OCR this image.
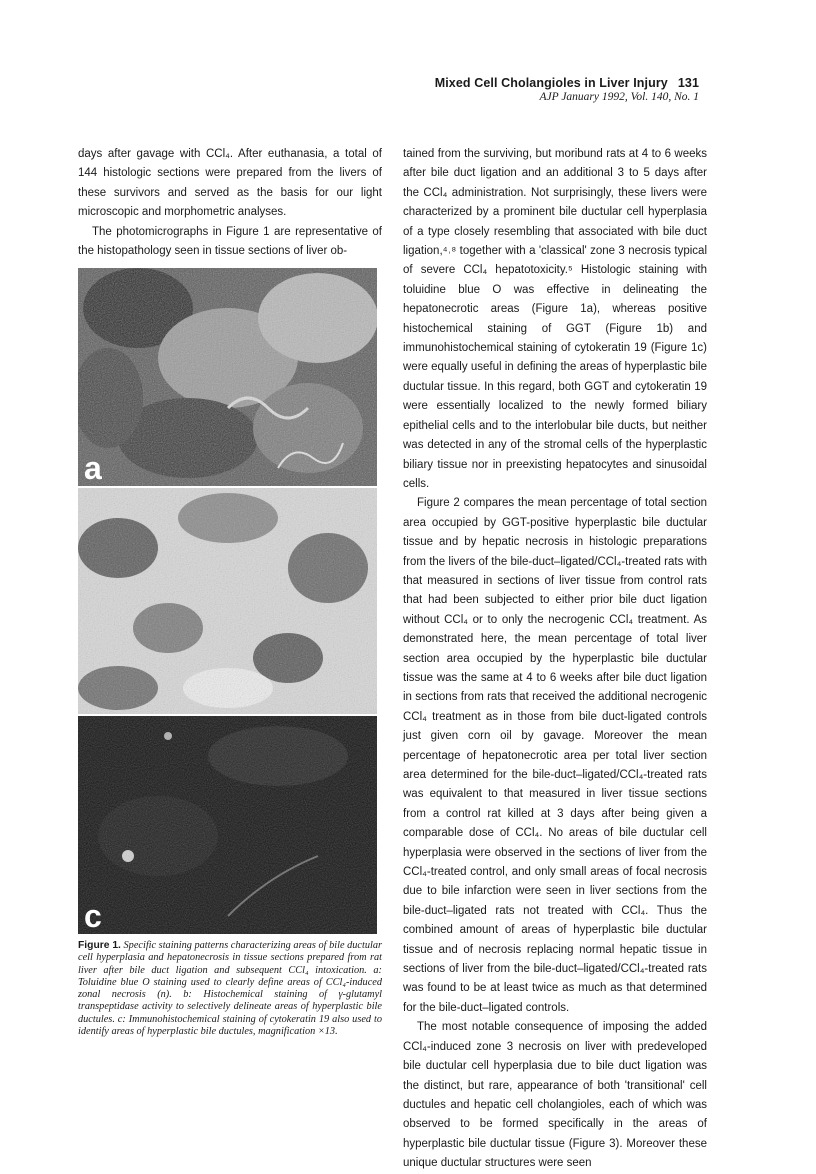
Mixed Cell Cholangioles in Liver Injury 131
AJP January 1992, Vol. 140, No. 1

days after gavage with CCl₄. After euthanasia, a total of 144 histologic sections were prepared from the livers of these survivors and served as the basis for our light microscopic and morphometric analyses.

The photomicrographs in Figure 1 are representative of the histopathology seen in tissue sections of liver ob-

a
c
Figure 1. Specific staining patterns characterizing areas of bile ductular cell hyperplasia and hepatonecrosis in tissue sections prepared from rat liver after bile duct ligation and subsequent CCl₄ intoxication. a: Toluidine blue O staining used to clearly define areas of CCl₄-induced zonal necrosis (n). b: Histochemical staining of γ-glutamyl transpeptidase activity to selectively delineate areas of hyperplastic bile ductules. c: Immunohistochemical staining of cytokeratin 19 also used to identify areas of hyperplastic bile ductules, magnification ×13.

tained from the surviving, but moribund rats at 4 to 6 weeks after bile duct ligation and an additional 3 to 5 days after the CCl₄ administration. Not surprisingly, these livers were characterized by a prominent bile ductular cell hyperplasia of a type closely resembling that associated with bile duct ligation,⁴˒⁸ together with a 'classical' zone 3 necrosis typical of severe CCl₄ hepatotoxicity.⁵ Histologic staining with toluidine blue O was effective in delineating the hepatonecrotic areas (Figure 1a), whereas positive histochemical staining of GGT (Figure 1b) and immunohistochemical staining of cytokeratin 19 (Figure 1c) were equally useful in defining the areas of hyperplastic bile ductular tissue. In this regard, both GGT and cytokeratin 19 were essentially localized to the newly formed biliary epithelial cells and to the interlobular bile ducts, but neither was detected in any of the stromal cells of the hyperplastic biliary tissue nor in preexisting hepatocytes and sinusoidal cells.

Figure 2 compares the mean percentage of total section area occupied by GGT-positive hyperplastic bile ductular tissue and by hepatic necrosis in histologic preparations from the livers of the bile-duct–ligated/CCl₄-treated rats with that measured in sections of liver tissue from control rats that had been subjected to either prior bile duct ligation without CCl₄ or to only the necrogenic CCl₄ treatment. As demonstrated here, the mean percentage of total liver section area occupied by the hyperplastic bile ductular tissue was the same at 4 to 6 weeks after bile duct ligation in sections from rats that received the additional necrogenic CCl₄ treatment as in those from bile duct-ligated controls just given corn oil by gavage. Moreover the mean percentage of hepatonecrotic area per total liver section area determined for the bile-duct–ligated/CCl₄-treated rats was equivalent to that measured in liver tissue sections from a control rat killed at 3 days after being given a comparable dose of CCl₄. No areas of bile ductular cell hyperplasia were observed in the sections of liver from the CCl₄-treated control, and only small areas of focal necrosis due to bile infarction were seen in liver sections from the bile-duct–ligated rats not treated with CCl₄. Thus the combined amount of areas of hyperplastic bile ductular tissue and of necrosis replacing normal hepatic tissue in sections of liver from the bile-duct–ligated/CCl₄-treated rats was found to be at least twice as much as that determined for the bile-duct–ligated controls.

The most notable consequence of imposing the added CCl₄-induced zone 3 necrosis on liver with predeveloped bile ductular cell hyperplasia due to bile duct ligation was the distinct, but rare, appearance of both 'transitional' cell ductules and hepatic cell cholangioles, each of which was observed to be formed specifically in the areas of hyperplastic bile ductular tissue (Figure 3). Moreover these unique ductular structures were seen
